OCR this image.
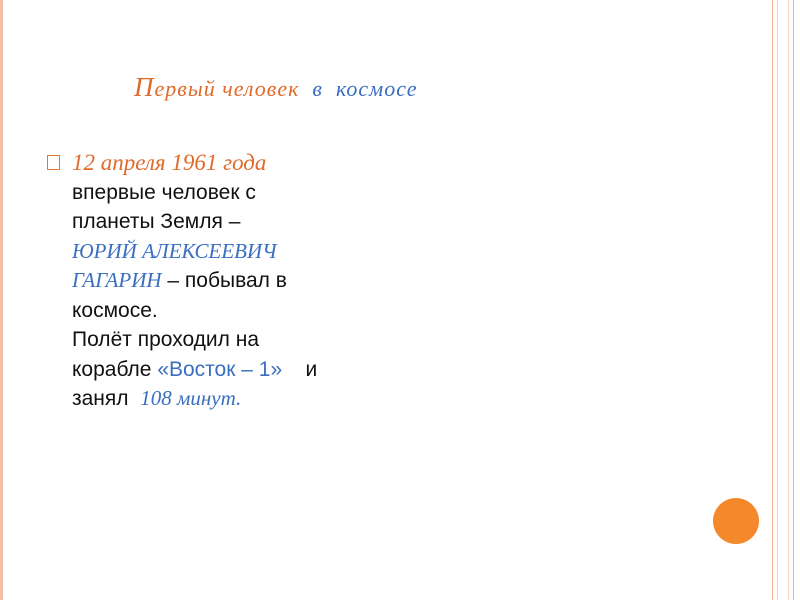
Первый человек в космосе
12 апреля 1961 года
впервые человек с
планеты Земля –
ЮРИЙ АЛЕКСЕЕВИЧ
ГАГАРИН – побывал в
космосе.
Полёт проходил на
корабле «Восток – 1»    и
занял  108 минут.
